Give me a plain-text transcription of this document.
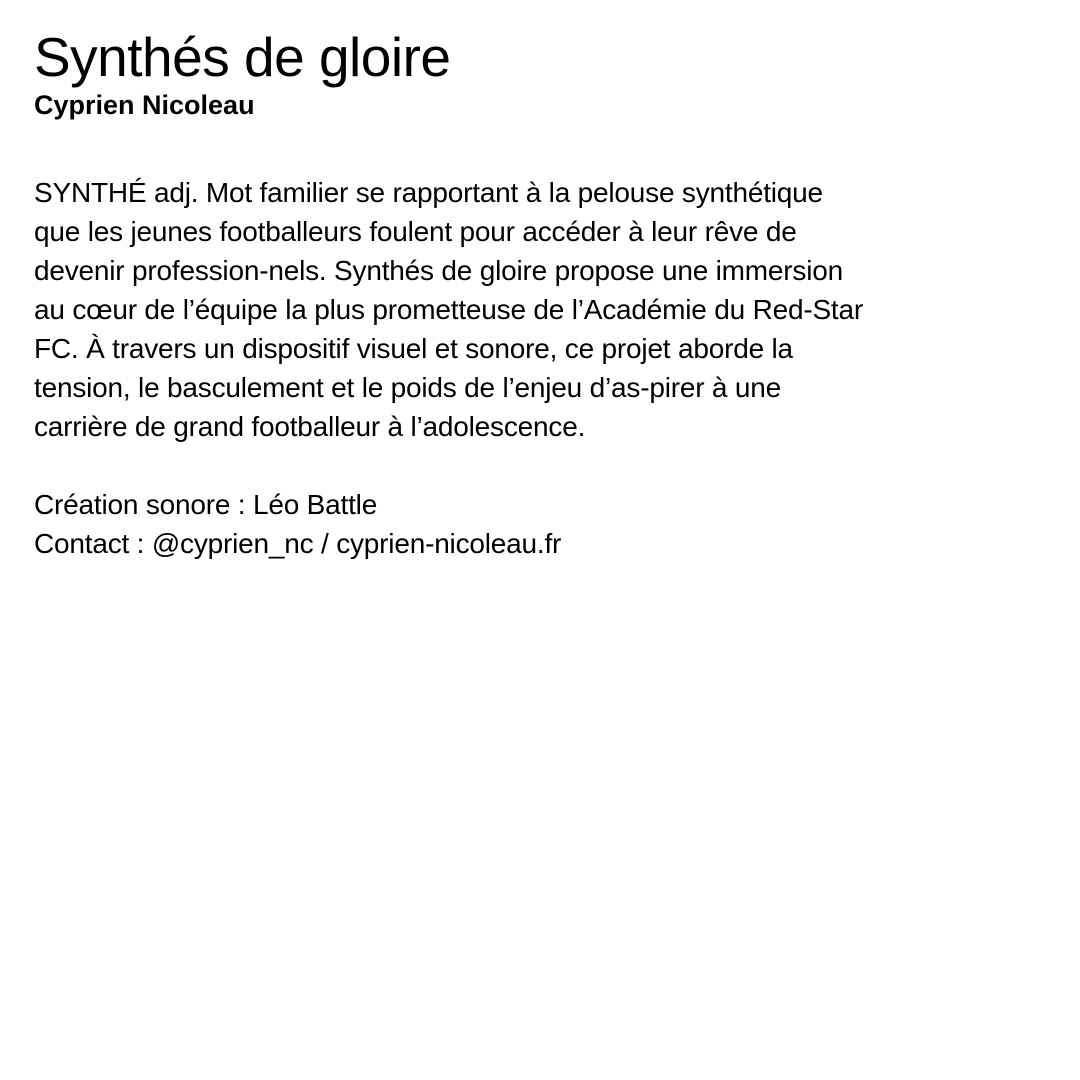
Synthés de gloire
Cyprien Nicoleau
SYNTHÉ adj. Mot familier se rapportant à la pelouse synthétique
que les jeunes footballeurs foulent pour accéder à leur rêve de
devenir profession-nels. Synthés de gloire propose une immersion
au cœur de l’équipe la plus prometteuse de l’Académie du Red-Star
FC. À travers un dispositif visuel et sonore, ce projet aborde la
tension, le basculement et le poids de l’enjeu d’as-pirer à une
carrière de grand footballeur à l’adolescence.
Création sonore : Léo Battle
Contact : @cyprien_nc / cyprien-nicoleau.fr
